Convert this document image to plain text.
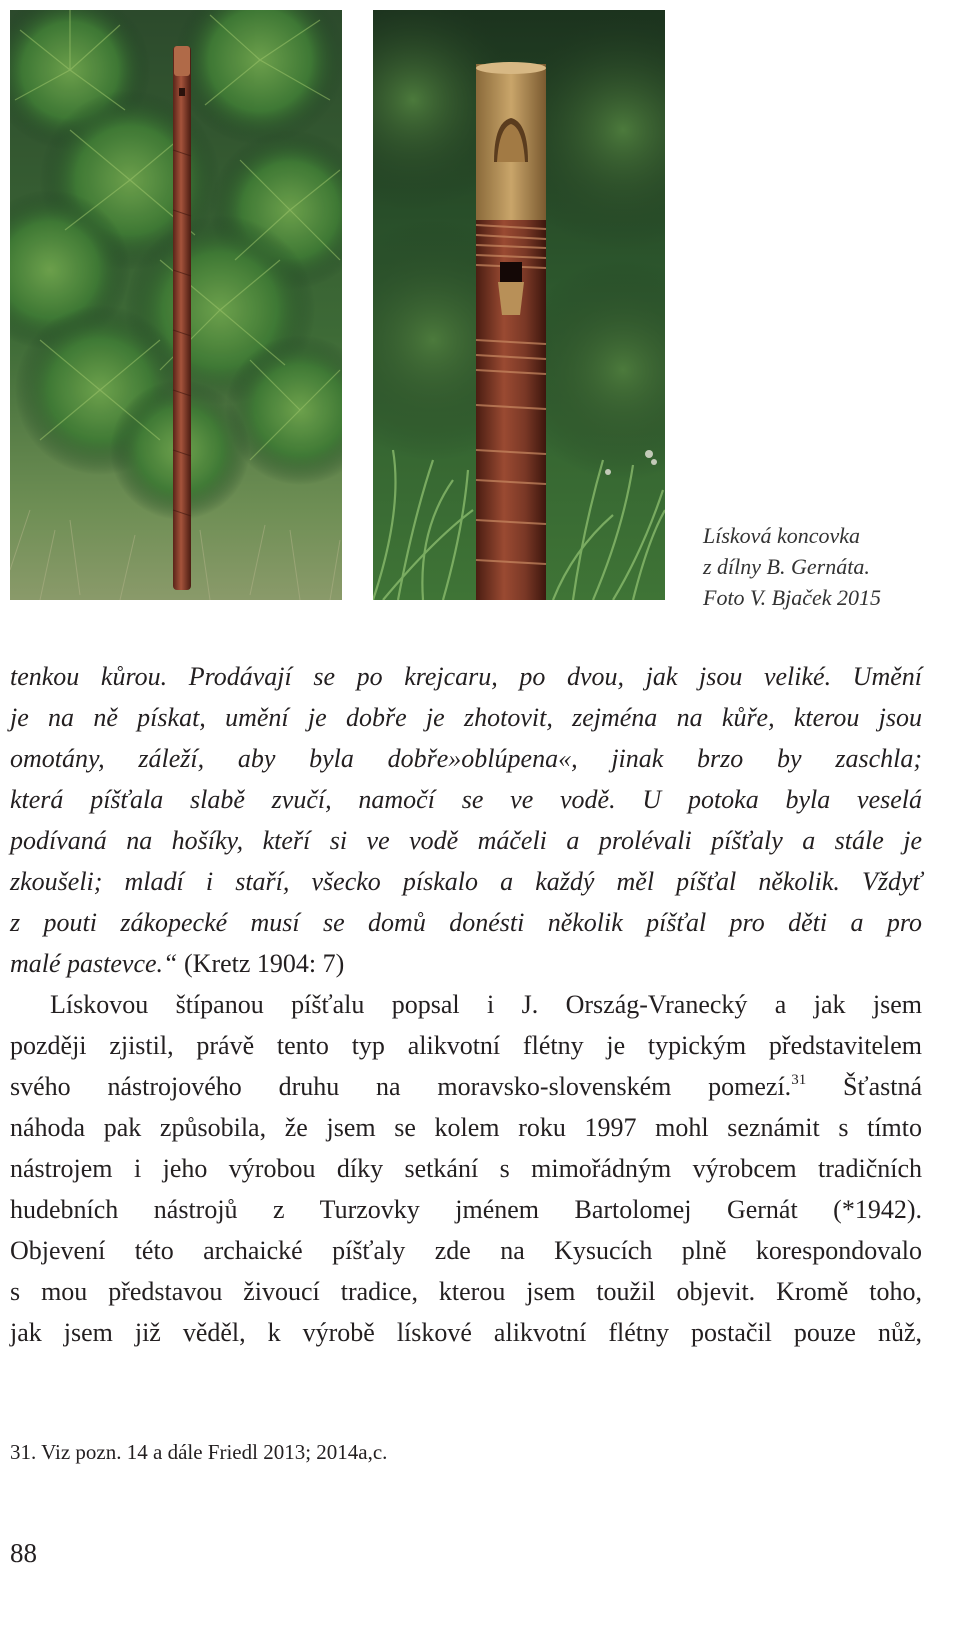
Lísková koncovka
z dílny B. Gernáta.
Foto V. Bjaček 2015
tenkou kůrou. Prodávají se po krejcaru, po dvou, jak jsou veliké. Umění
je na ně pískat, umění je dobře je zhotovit, zejména na kůře, kterou jsou
omotány, záleží, aby byla dobře»oblúpena«, jinak brzo by zaschla;
která píšťala slabě zvučí, namočí se ve vodě. U potoka byla veselá
podívaná na hošíky, kteří si ve vodě máčeli a prolévali píšťaly a stále je
zkoušeli; mladí i staří, všecko pískalo a každý měl píšťal několik. Vždyť
z pouti zákopecké musí se domů donésti několik píšťal pro děti a pro
malé pastevce.“ (Kretz 1904: 7)
Lískovou štípanou píšťalu popsal i J. Ország-Vranecký a jak jsem
později zjistil, právě tento typ alikvotní flétny je typickým představitelem
svého nástrojového druhu na moravsko-slovenském pomezí.$^{31}$ Šťastná
náhoda pak způsobila, že jsem se kolem roku 1997 mohl seznámit s tímto
nástrojem i jeho výrobou díky setkání s mimořádným výrobcem tradičních
hudebních nástrojů z Turzovky jménem Bartolomej Gernát (*1942).
Objevení této archaické píšťaly zde na Kysucích plně korespondovalo
s mou představou živoucí tradice, kterou jsem toužil objevit. Kromě toho,
jak jsem již věděl, k výrobě lískové alikvotní flétny postačil pouze nůž,
31. Viz pozn. 14 a dále Friedl 2013; 2014a,c.
88
